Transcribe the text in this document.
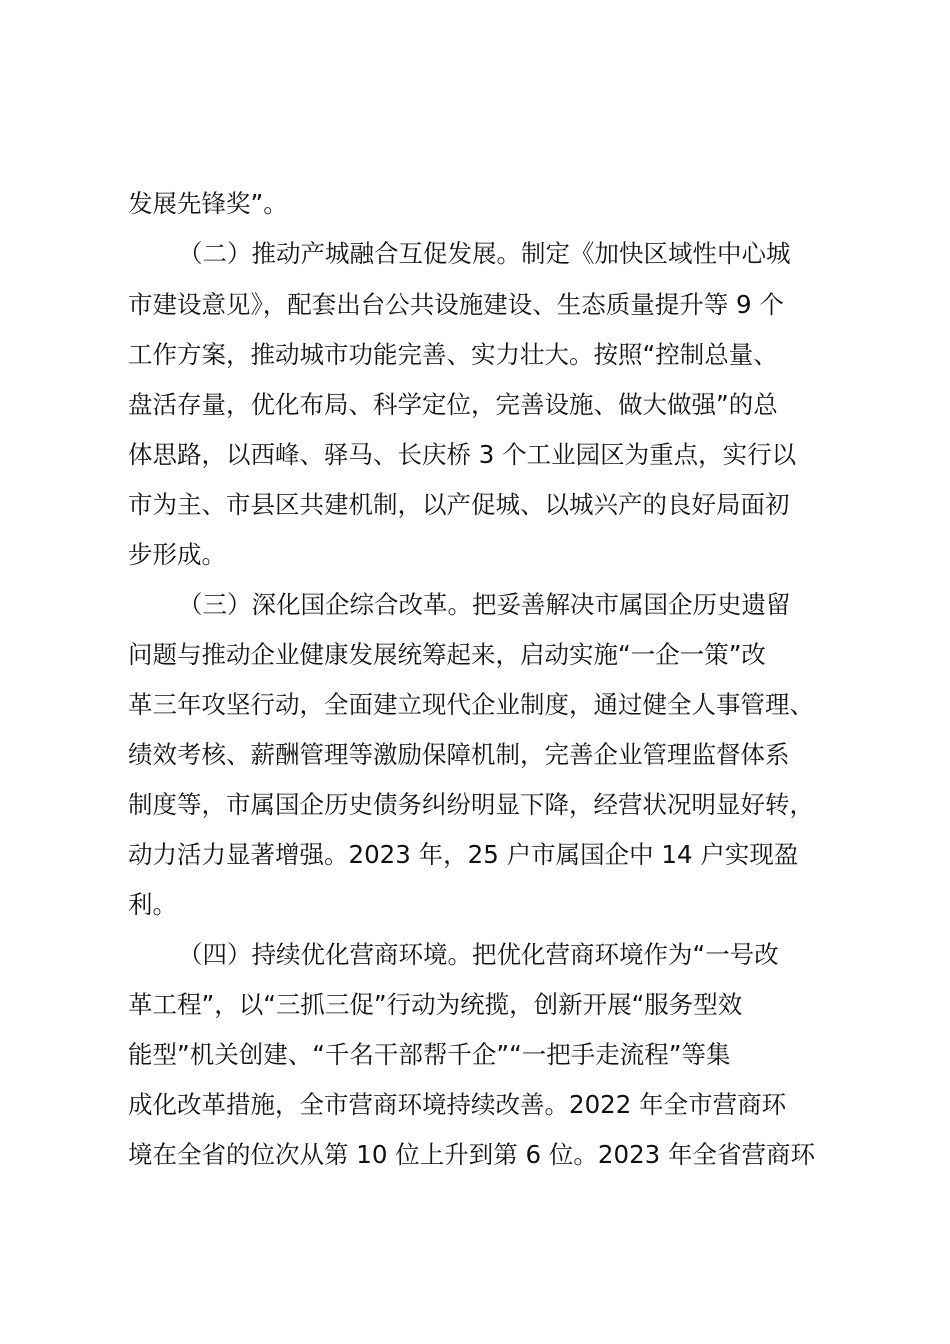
发展先锋奖”。
（二）推动产城融合互促发展。制定《加快区域性中心城
市建设意见》，配套出台公共设施建设、生态质量提升等 9 个
工作方案，推动城市功能完善、实力壮大。按照“控制总量、
盘活存量，优化布局、科学定位，完善设施、做大做强”的总
体思路，以西峰、驿马、长庆桥 3 个工业园区为重点，实行以
市为主、市县区共建机制，以产促城、以城兴产的良好局面初
步形成。
（三）深化国企综合改革。把妥善解决市属国企历史遗留
问题与推动企业健康发展统筹起来，启动实施“一企一策”改
革三年攻坚行动，全面建立现代企业制度，通过健全人事管理、
绩效考核、薪酬管理等激励保障机制，完善企业管理监督体系
制度等，市属国企历史债务纠纷明显下降，经营状况明显好转，
动力活力显著增强。2023 年，25 户市属国企中 14 户实现盈
利。
（四）持续优化营商环境。把优化营商环境作为“一号改
革工程”，以“三抓三促”行动为统揽，创新开展“服务型效
能型”机关创建、“千名干部帮千企”“一把手走流程”等集
成化改革措施，全市营商环境持续改善。2022 年全市营商环
境在全省的位次从第 10 位上升到第 6 位。2023 年全省营商环
